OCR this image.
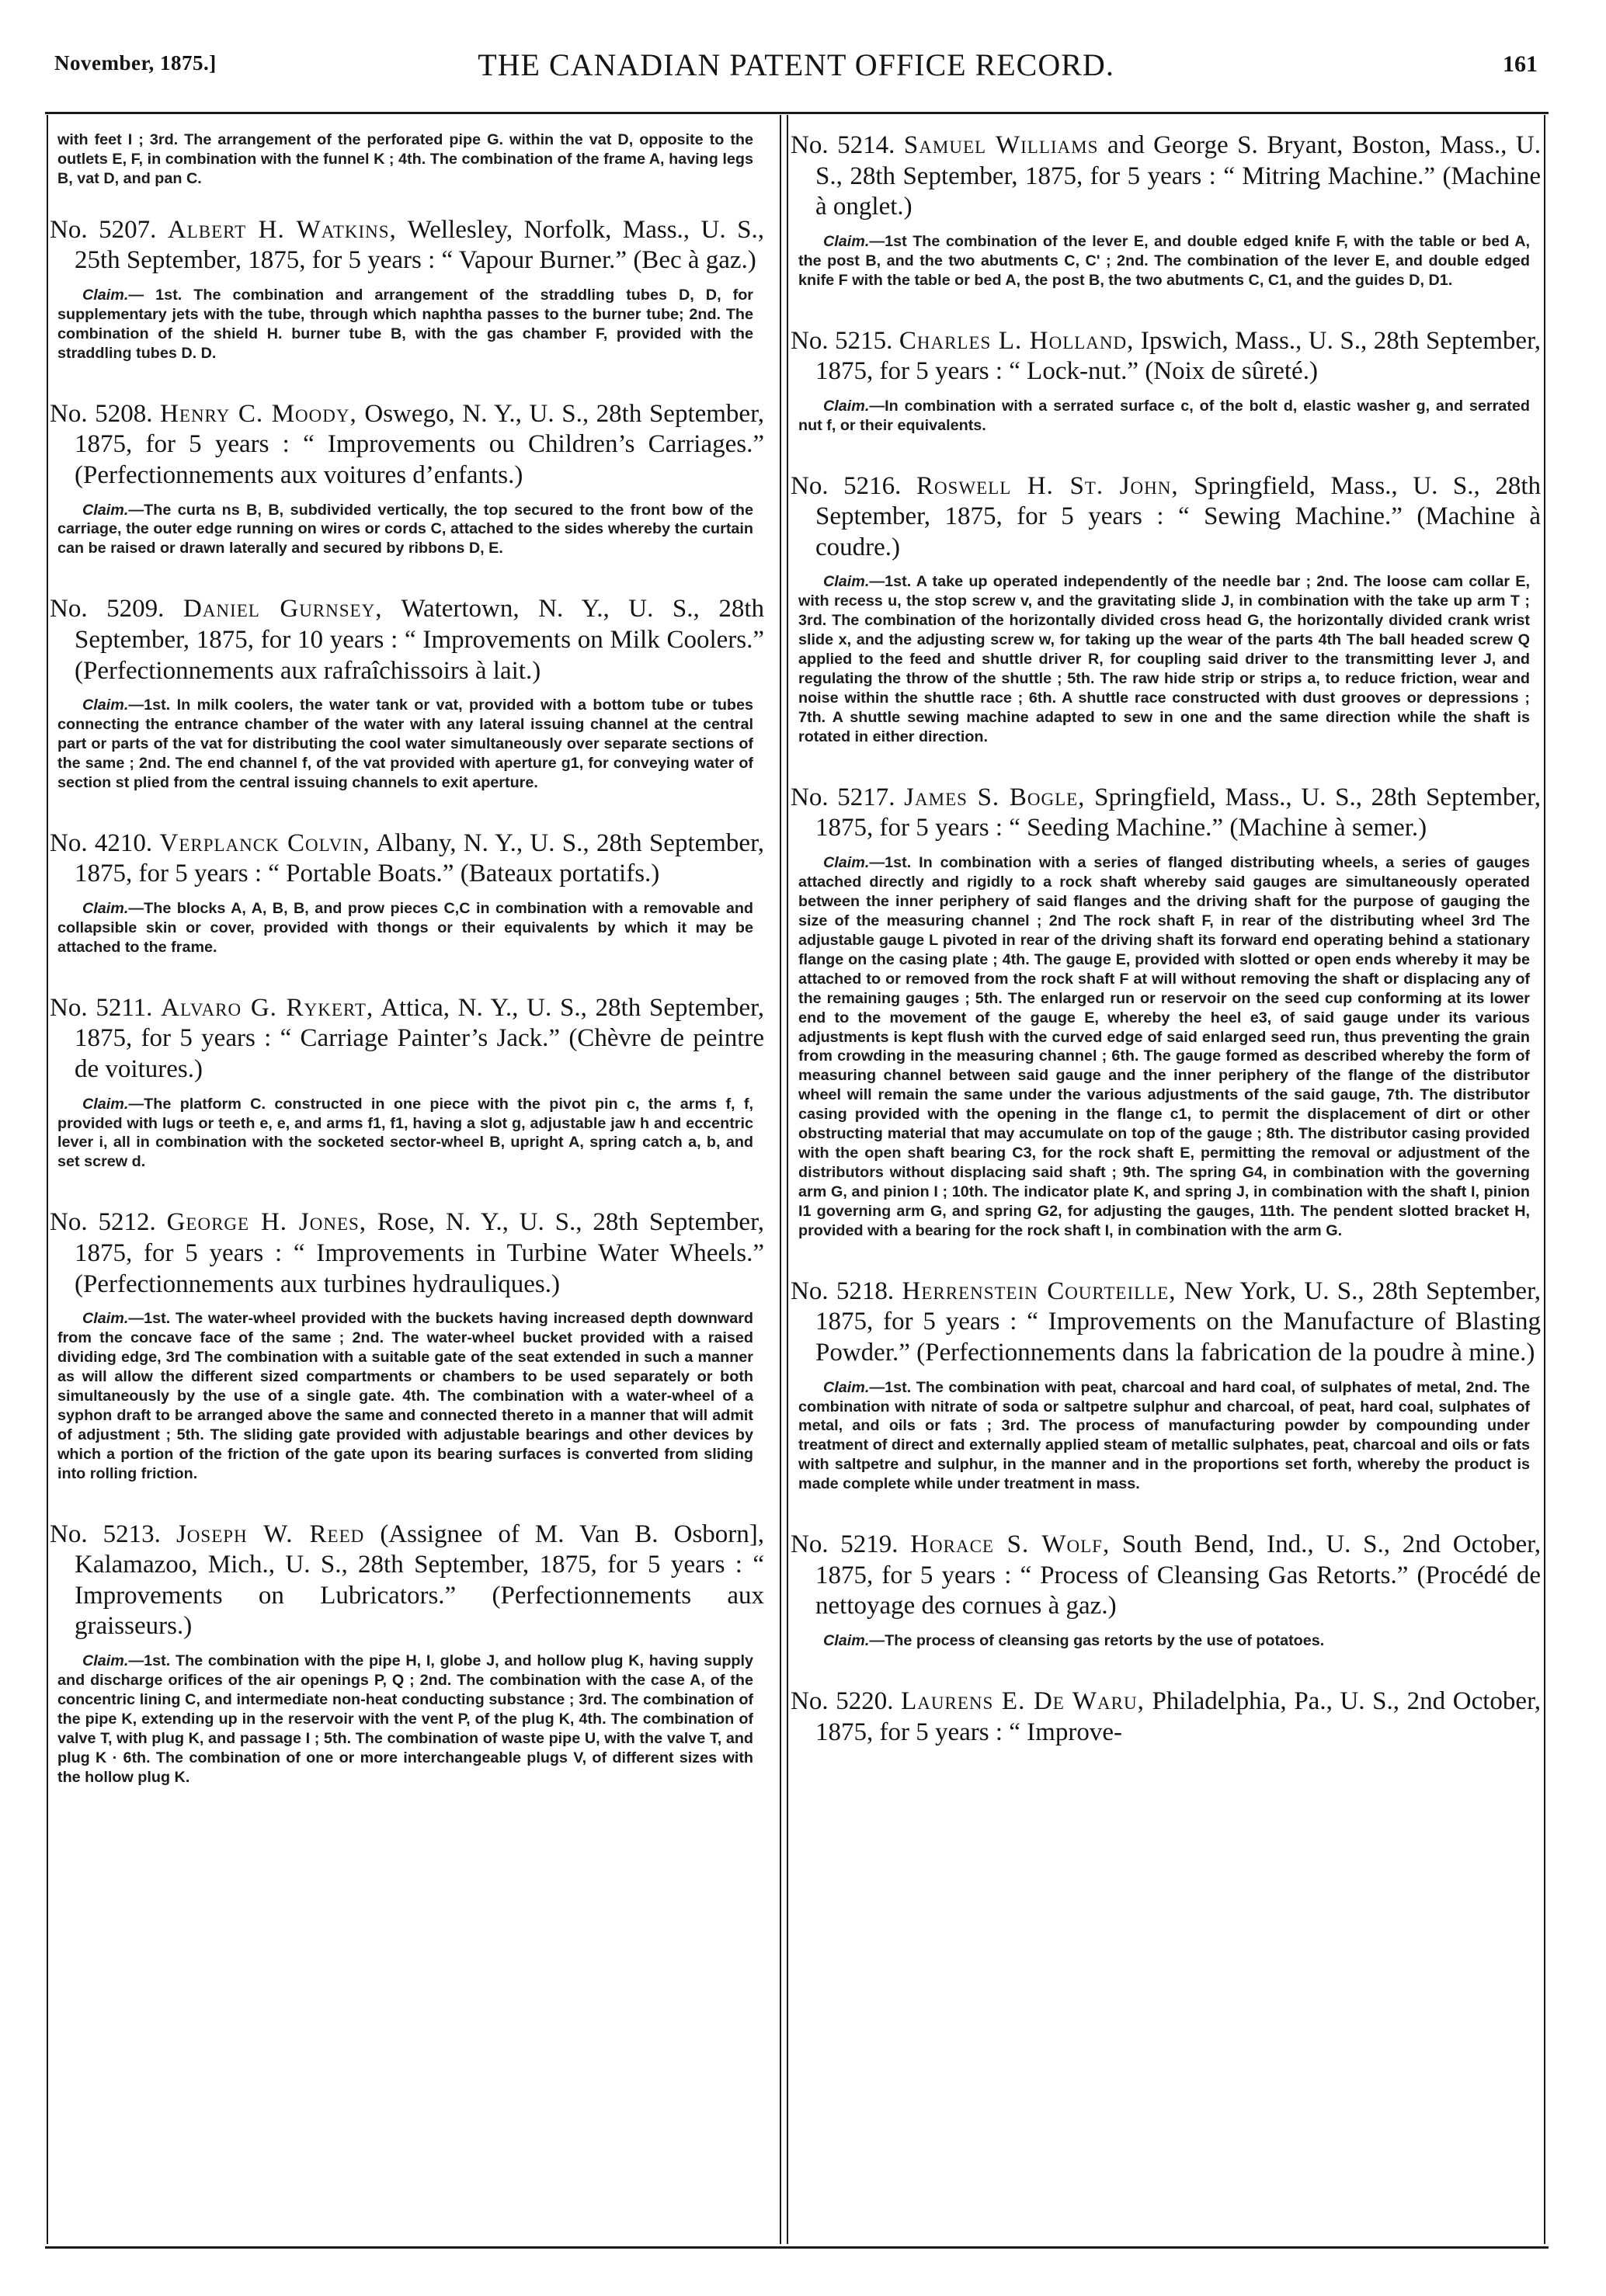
November, 1875.]	THE CANADIAN PATENT OFFICE RECORD.	161

with feet I ; 3rd. The arrangement of the perforated pipe G. within the vat D, opposite to the outlets E, F, in combination with the funnel K ; 4th. The combination of the frame A, having legs B, vat D, and pan C.

No. 5207. Albert H. Watkins, Wellesley, Norfolk, Mass., U. S., 25th September, 1875, for 5 years : “ Vapour Burner.” (Bec à gaz.)

Claim.— 1st. The combination and arrangement of the straddling tubes D, D, for supplementary jets with the tube, through which naphtha passes to the burner tube; 2nd. The combination of the shield H. burner tube B, with the gas chamber F, provided with the straddling tubes D. D.

No. 5208. Henry C. Moody, Oswego, N. Y., U. S., 28th September, 1875, for 5 years : “ Improvements ou Children’s Carriages.” (Perfectionnements aux voitures d’enfants.)

Claim.—The curta ns B, B, subdivided vertically, the top secured to the front bow of the carriage, the outer edge running on wires or cords C, attached to the sides whereby the curtain can be raised or drawn laterally and secured by ribbons D, E.

No. 5209. Daniel Gurnsey, Watertown, N. Y., U. S., 28th September, 1875, for 10 years : “ Improvements on Milk Coolers.” (Perfectionnements aux rafraîchissoirs à lait.)

Claim.—1st. In milk coolers, the water tank or vat, provided with a bottom tube or tubes connecting the entrance chamber of the water with any lateral issuing channel at the central part or parts of the vat for distributing the cool water simultaneously over separate sections of the same ; 2nd. The end channel f, of the vat provided with aperture g1, for conveying water of section st plied from the central issuing channels to exit aperture.

No. 4210. Verplanck Colvin, Albany, N. Y., U. S., 28th September, 1875, for 5 years : “ Portable Boats.” (Bateaux portatifs.)

Claim.—The blocks A, A, B, B, and prow pieces C,C in combination with a removable and collapsible skin or cover, provided with thongs or their equivalents by which it may be attached to the frame.

No. 5211. Alvaro G. Rykert, Attica, N. Y., U. S., 28th September, 1875, for 5 years : “ Carriage Painter’s Jack.” (Chèvre de peintre de voitures.)

Claim.—The platform C. constructed in one piece with the pivot pin c, the arms f, f, provided with lugs or teeth e, e, and arms f1, f1, having a slot g, adjustable jaw h and eccentric lever i, all in combination with the socketed sector-wheel B, upright A, spring catch a, b, and set screw d.

No. 5212. George H. Jones, Rose, N. Y., U. S., 28th September, 1875, for 5 years : “ Improvements in Turbine Water Wheels.” (Perfectionnements aux turbines hydrauliques.)

Claim.—1st. The water-wheel provided with the buckets having increased depth downward from the concave face of the same ; 2nd. The water-wheel bucket provided with a raised dividing edge, 3rd The combination with a suitable gate of the seat extended in such a manner as will allow the different sized compartments or chambers to be used separately or both simultaneously by the use of a single gate. 4th. The combination with a water-wheel of a syphon draft to be arranged above the same and connected thereto in a manner that will admit of adjustment ; 5th. The sliding gate provided with adjustable bearings and other devices by which a portion of the friction of the gate upon its bearing surfaces is converted from sliding into rolling friction.

No. 5213. Joseph W. Reed (Assignee of M. Van B. Osborn], Kalamazoo, Mich., U. S., 28th September, 1875, for 5 years : “ Improvements on Lubricators.” (Perfectionnements aux graisseurs.)

Claim.—1st. The combination with the pipe H, I, globe J, and hollow plug K, having supply and discharge orifices of the air openings P, Q ; 2nd. The combination with the case A, of the concentric lining C, and intermediate non-heat conducting substance ; 3rd. The combination of the pipe K, extending up in the reservoir with the vent P, of the plug K, 4th. The combination of valve T, with plug K, and passage I ; 5th. The combination of waste pipe U, with the valve T, and plug K · 6th. The combination of one or more interchangeable plugs V, of different sizes with the hollow plug K.

No. 5214. Samuel Williams and George S. Bryant, Boston, Mass., U. S., 28th September, 1875, for 5 years : “ Mitring Machine.” (Machine à onglet.)

Claim.—1st The combination of the lever E, and double edged knife F, with the table or bed A, the post B, and the two abutments C, C' ; 2nd. The combination of the lever E, and double edged knife F with the table or bed A, the post B, the two abutments C, C1, and the guides D, D1.

No. 5215. Charles L. Holland, Ipswich, Mass., U. S., 28th September, 1875, for 5 years : “ Lock-nut.” (Noix de sûreté.)

Claim.—In combination with a serrated surface c, of the bolt d, elastic washer g, and serrated nut f, or their equivalents.

No. 5216. Roswell H. St. John, Springfield, Mass., U. S., 28th September, 1875, for 5 years : “ Sewing Machine.” (Machine à coudre.)

Claim.—1st. A take up operated independently of the needle bar ; 2nd. The loose cam collar E, with recess u, the stop screw v, and the gravitating slide J, in combination with the take up arm T ; 3rd. The combination of the horizontally divided cross head G, the horizontally divided crank wrist slide x, and the adjusting screw w, for taking up the wear of the parts 4th The ball headed screw Q applied to the feed and shuttle driver R, for coupling said driver to the transmitting lever J, and regulating the throw of the shuttle ; 5th. The raw hide strip or strips a, to reduce friction, wear and noise within the shuttle race ; 6th. A shuttle race constructed with dust grooves or depressions ; 7th. A shuttle sewing machine adapted to sew in one and the same direction while the shaft is rotated in either direction.

No. 5217. James S. Bogle, Springfield, Mass., U. S., 28th September, 1875, for 5 years : “ Seeding Machine.” (Machine à semer.)

Claim.—1st. In combination with a series of flanged distributing wheels, a series of gauges attached directly and rigidly to a rock shaft whereby said gauges are simultaneously operated between the inner periphery of said flanges and the driving shaft for the purpose of gauging the size of the measuring channel ; 2nd The rock shaft F, in rear of the distributing wheel 3rd The adjustable gauge L pivoted in rear of the driving shaft its forward end operating behind a stationary flange on the casing plate ; 4th. The gauge E, provided with slotted or open ends whereby it may be attached to or removed from the rock shaft F at will without removing the shaft or displacing any of the remaining gauges ; 5th. The enlarged run or reservoir on the seed cup conforming at its lower end to the movement of the gauge E, whereby the heel e3, of said gauge under its various adjustments is kept flush with the curved edge of said enlarged seed run, thus preventing the grain from crowding in the measuring channel ; 6th. The gauge formed as described whereby the form of measuring channel between said gauge and the inner periphery of the flange of the distributor wheel will remain the same under the various adjustments of the said gauge, 7th. The distributor casing provided with the opening in the flange c1, to permit the displacement of dirt or other obstructing material that may accumulate on top of the gauge ; 8th. The distributor casing provided with the open shaft bearing C3, for the rock shaft E, permitting the removal or adjustment of the distributors without displacing said shaft ; 9th. The spring G4, in combination with the governing arm G, and pinion I ; 10th. The indicator plate K, and spring J, in combination with the shaft I, pinion I1 governing arm G, and spring G2, for adjusting the gauges, 11th. The pendent slotted bracket H, provided with a bearing for the rock shaft I, in combination with the arm G.

No. 5218. Herrenstein Courteille, New York, U. S., 28th September, 1875, for 5 years : “ Improvements on the Manufacture of Blasting Powder.” (Perfectionnements dans la fabrication de la poudre à mine.)

Claim.—1st. The combination with peat, charcoal and hard coal, of sulphates of metal, 2nd. The combination with nitrate of soda or saltpetre sulphur and charcoal, of peat, hard coal, sulphates of metal, and oils or fats ; 3rd. The process of manufacturing powder by compounding under treatment of direct and externally applied steam of metallic sulphates, peat, charcoal and oils or fats with saltpetre and sulphur, in the manner and in the proportions set forth, whereby the product is made complete while under treatment in mass.

No. 5219. Horace S. Wolf, South Bend, Ind., U. S., 2nd October, 1875, for 5 years : “ Process of Cleansing Gas Retorts.” (Procédé de nettoyage des cornues à gaz.)

Claim.—The process of cleansing gas retorts by the use of potatoes.

No. 5220. Laurens E. De Waru, Philadelphia, Pa., U. S., 2nd October, 1875, for 5 years : “ Improve-
